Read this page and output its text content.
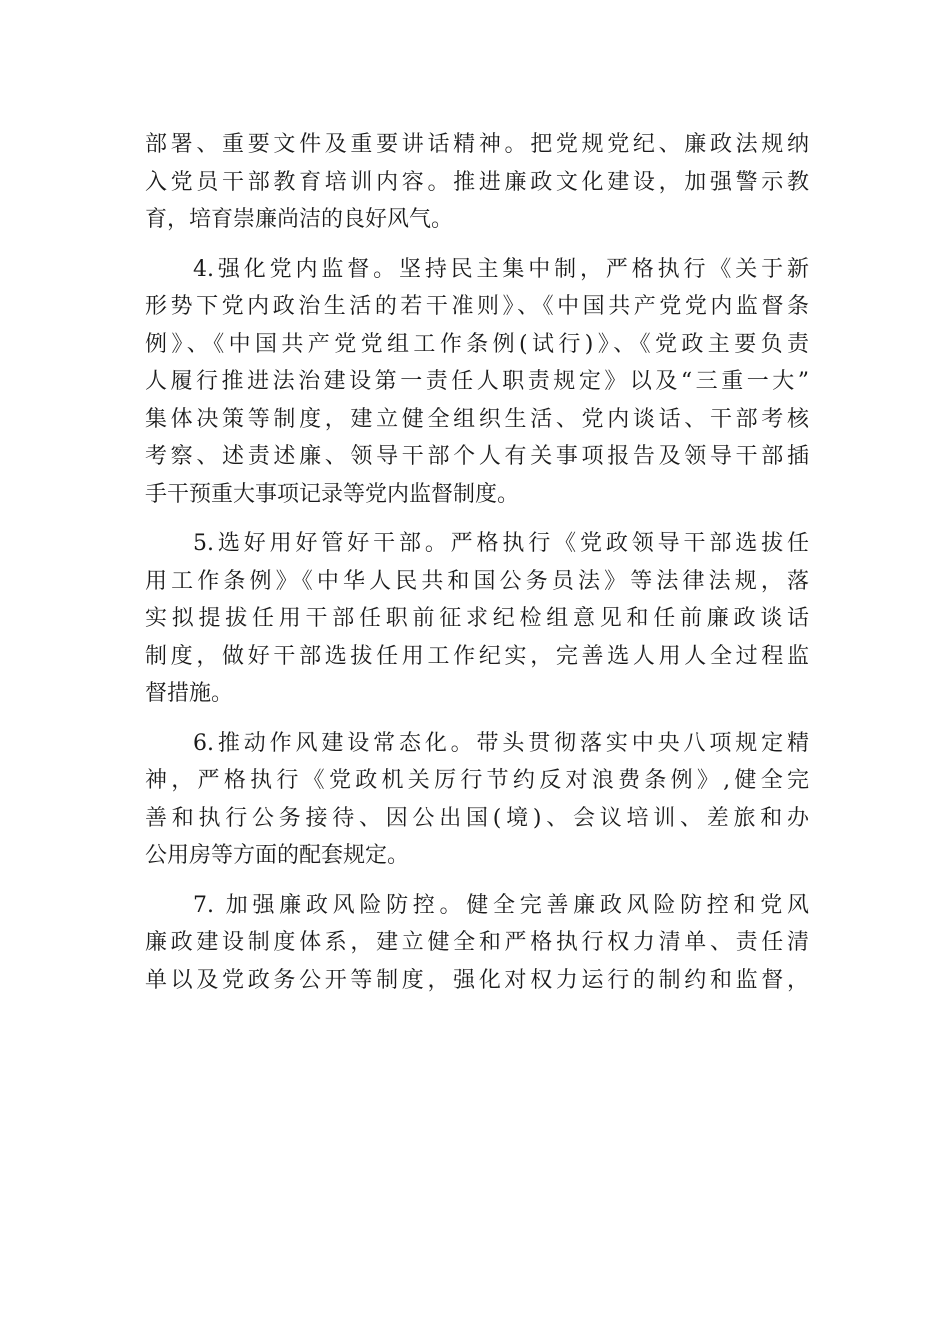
部署、重要文件及重要讲话精神。把党规党纪、廉政法规纳
入党员干部教育培训内容。推进廉政文化建设，加强警示教
育，培育崇廉尚洁的良好风气。
4.强化党内监督。坚持民主集中制，严格执行《关于新
形势下党内政治生活的若干准则》、《中国共产党党内监督条
例》、《中国共产党党组工作条例(试行)》、《党政主要负责
人履行推进法治建设第一责任人职责规定》以及“三重一大”
集体决策等制度，建立健全组织生活、党内谈话、干部考核
考察、述责述廉、领导干部个人有关事项报告及领导干部插
手干预重大事项记录等党内监督制度。
5.选好用好管好干部。严格执行《党政领导干部选拔任
用工作条例》《中华人民共和国公务员法》等法律法规，落
实拟提拔任用干部任职前征求纪检组意见和任前廉政谈话
制度，做好干部选拔任用工作纪实，完善选人用人全过程监
督措施。
6.推动作风建设常态化。带头贯彻落实中央八项规定精
神，严格执行《党政机关厉行节约反对浪费条例》,健全完
善和执行公务接待、因公出国(境)、会议培训、差旅和办
公用房等方面的配套规定。
7. 加强廉政风险防控。健全完善廉政风险防控和党风
廉政建设制度体系，建立健全和严格执行权力清单、责任清
单以及党政务公开等制度，强化对权力运行的制约和监督，
